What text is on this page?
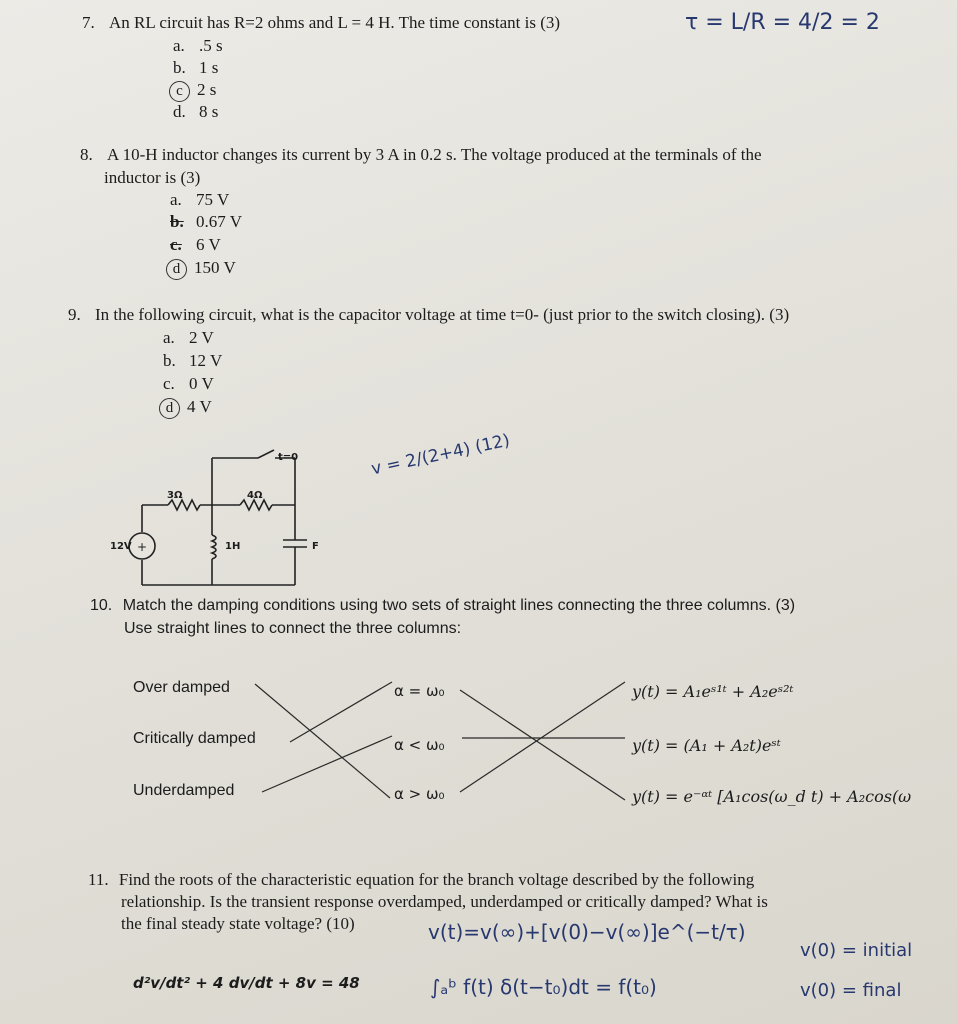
7. An RL circuit has R=2 ohms and L = 4 H. The time constant is (3)
a. .5 s
b. 1 s
c 2 s
d. 8 s
τ = L/R = 4/2 = 2
8. A 10-H inductor changes its current by 3 A in 0.2 s. The voltage produced at the terminals of the
inductor is (3)
a. 75 V
b. 0.67 V
c. 6 V
d 150 V
9. In the following circuit, what is the capacitor voltage at time t=0- (just prior to the switch closing). (3)
a. 2 V
b. 12 V
c. 0 V
d 4 V
+
t=0
3Ω	4Ω
12V	1H	F
v = 2/(2+4) (12)
10. Match the damping conditions using two sets of straight lines connecting the three columns. (3)
Use straight lines to connect the three columns:
Over damped
Critically damped
Underdamped
α = ω₀
α < ω₀
α > ω₀
y(t) = A₁eˢ¹ᵗ + A₂eˢ²ᵗ
y(t) = (A₁ + A₂t)eˢᵗ
y(t) = e⁻ᵅᵗ [A₁cos(ω_d t) + A₂cos(ω
11. Find the roots of the characteristic equation for the branch voltage described by the following
relationship. Is the transient response overdamped, underdamped or critically damped? What is
the final steady state voltage? (10)
d²v/dt² + 4 dv/dt + 8v = 48
v(t)=v(∞)+[v(0)−v(∞)]e^(−t/τ)
∫ₐᵇ f(t) δ(t−t₀)dt = f(t₀)
v(0) = initial
v(0) = final
